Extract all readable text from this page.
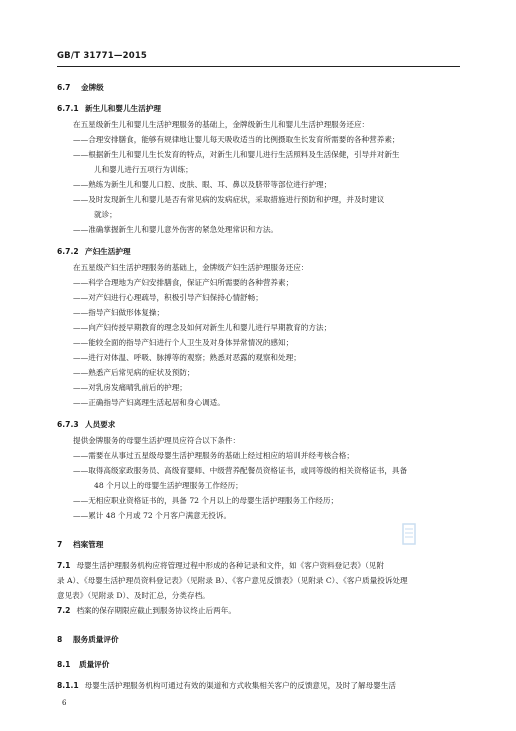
GB/T 31771—2015

6.7 金牌级

6.7.1 新生儿和婴儿生活护理

在五星级新生儿和婴儿生活护理服务的基础上，金牌级新生儿和婴儿生活护理服务还应：

——合理安排膳食，能够有规律地让婴儿每天吸收适当的比例摄取生长发育所需要的各种营养素；

——根据新生儿和婴儿生长发育的特点，对新生儿和婴儿进行生活照料及生活保健，引导并对新生

儿和婴儿进行五项行为训练；

——熟练为新生儿和婴儿口腔、皮肤、眼、耳、鼻以及脐带等部位进行护理；

——及时发现新生儿和婴儿是否有常见病的发病症状，采取措施进行预防和护理，并及时建议

就诊；

——准确掌握新生儿和婴儿意外伤害的紧急处理常识和方法。

6.7.2 产妇生活护理

在五星级产妇生活护理服务的基础上，金牌级产妇生活护理服务还应：

——科学合理地为产妇安排膳食，保证产妇所需要的各种营养素；

——对产妇进行心理疏导，积极引导产妇保持心情舒畅；

——指导产妇做形体复操；

——向产妇传授早期教育的理念及如何对新生儿和婴儿进行早期教育的方法；

——能较全面的指导产妇进行个人卫生及对身体异常情况的感知；

——进行对体温、呼吸、脉搏等的观察；熟悉对恶露的观察和处理；

——熟悉产后常见病的症状及预防；

——对乳房发痛晴乳前后的护理；

——正确指导产妇离理生活起居和身心调适。

6.7.3 人员要求

提供金牌服务的母婴生活护理员应符合以下条件：

——需要在从事过五星级母婴生活护理服务的基础上经过相应的培训并经考核合格；

——取得高级家政服务员、高级育婴师、中级营养配餐员资格证书，或同等级的相关资格证书，具备

48 个月以上的母婴生活护理服务工作经历；

——无相应职业资格证书的，具备 72 个月以上的母婴生活护理服务工作经历；

——累计 48 个月或 72 个月客户满意无投诉。

7 档案管理

7.1 母婴生活护理服务机构应将管理过程中形成的各种记录和文件，如《客户资料登记表》（见附

录 A）、《母婴生活护理员资料登记表》（见附录 B）、《客户意见反馈表》（见附录 C）、《客户质量投诉处理

意见表》（见附录 D）、及时汇总，分类存档。

7.2 档案的保存期限应截止到服务协议终止后两年。

8 服务质量评价

8.1 质量评价

8.1.1 母婴生活护理服务机构可通过有效的渠道和方式收集相关客户的反馈意见，及时了解母婴生活

6
